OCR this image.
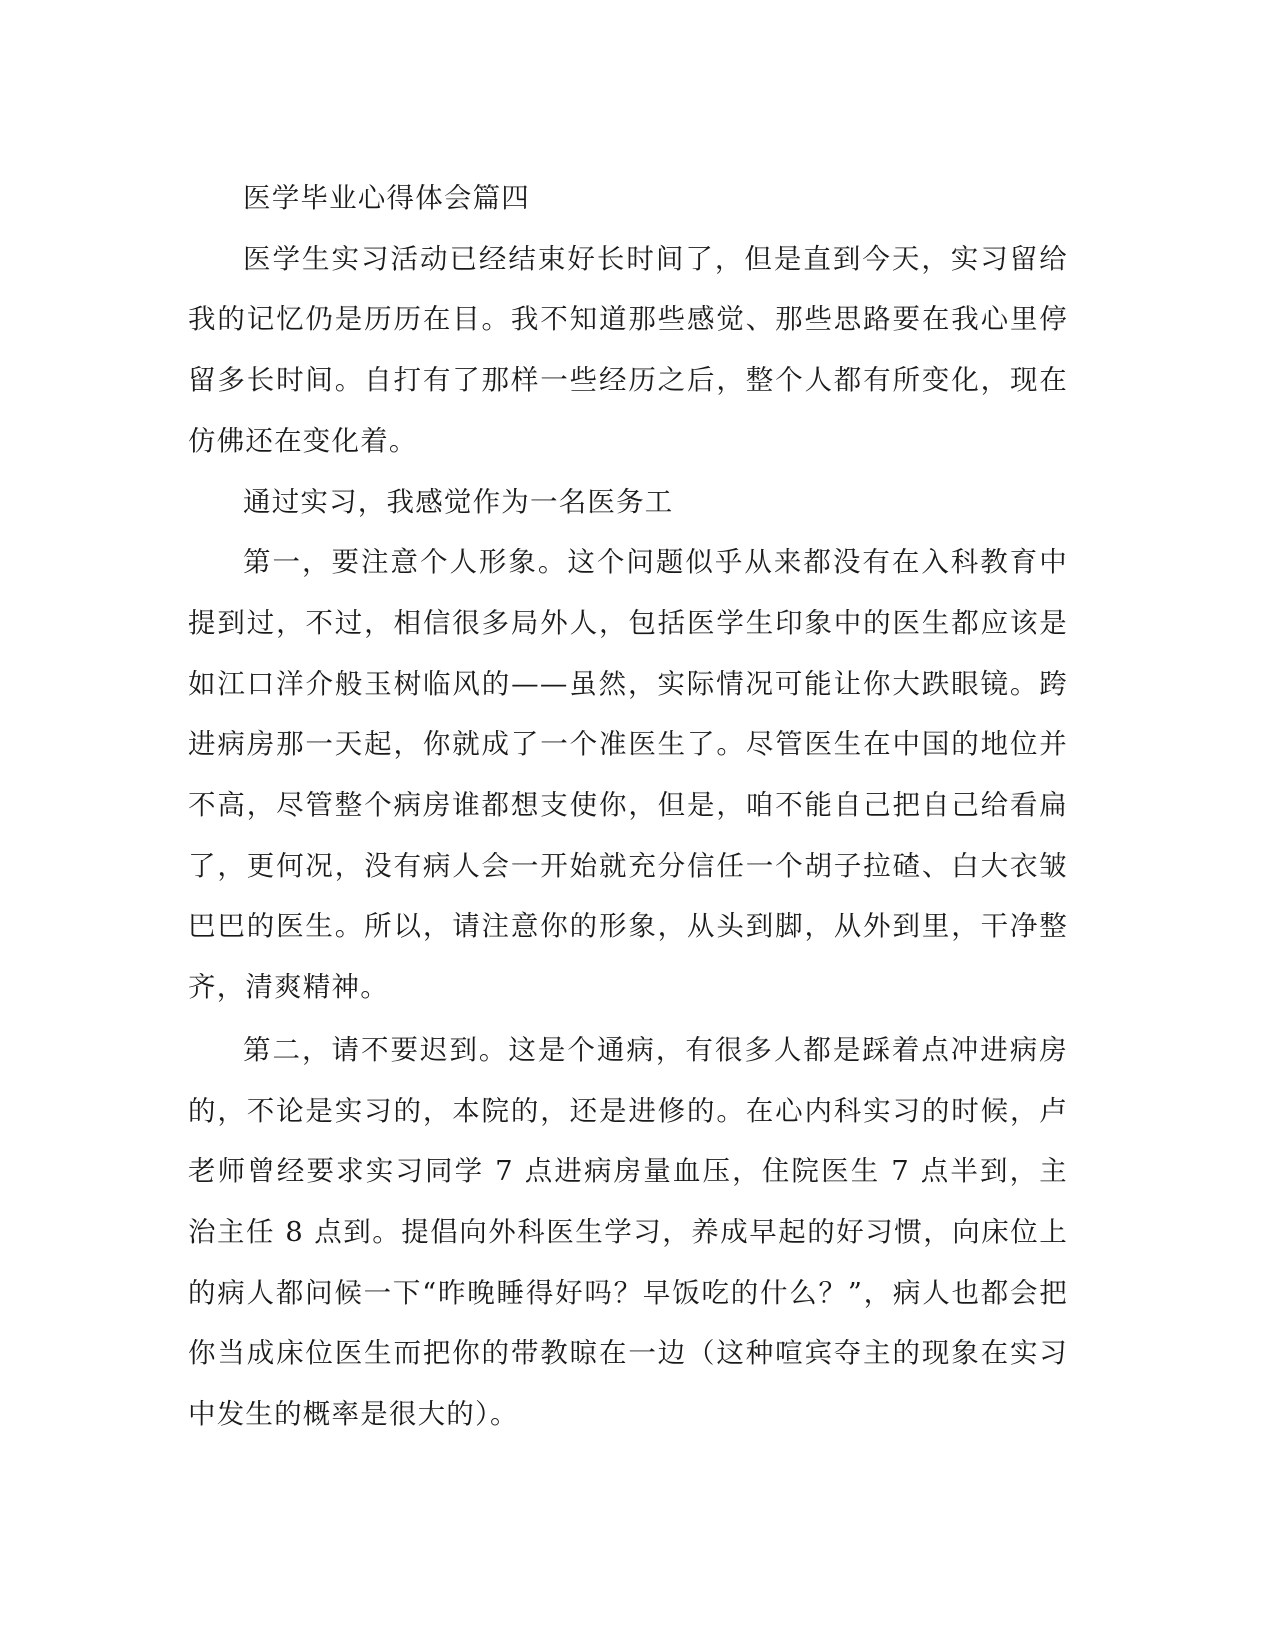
医学毕业心得体会篇四

医学生实习活动已经结束好长时间了，但是直到今天，实习留给我的记忆仍是历历在目。我不知道那些感觉、那些思路要在我心里停留多长时间。自打有了那样一些经历之后，整个人都有所变化，现在仿佛还在变化着。

通过实习，我感觉作为一名医务工

第一，要注意个人形象。这个问题似乎从来都没有在入科教育中提到过，不过，相信很多局外人，包括医学生印象中的医生都应该是如江口洋介般玉树临风的——虽然，实际情况可能让你大跌眼镜。跨进病房那一天起，你就成了一个准医生了。尽管医生在中国的地位并不高，尽管整个病房谁都想支使你，但是，咱不能自己把自己给看扁了，更何况，没有病人会一开始就充分信任一个胡子拉碴、白大衣皱巴巴的医生。所以，请注意你的形象，从头到脚，从外到里，干净整齐，清爽精神。

第二，请不要迟到。这是个通病，有很多人都是踩着点冲进病房的，不论是实习的，本院的，还是进修的。在心内科实习的时候，卢老师曾经要求实习同学 7 点进病房量血压，住院医生 7 点半到，主治主任 8 点到。提倡向外科医生学习，养成早起的好习惯，向床位上的病人都问候一下“昨晚睡得好吗？早饭吃的什么？”，病人也都会把你当成床位医生而把你的带教晾在一边（这种喧宾夺主的现象在实习中发生的概率是很大的）。
